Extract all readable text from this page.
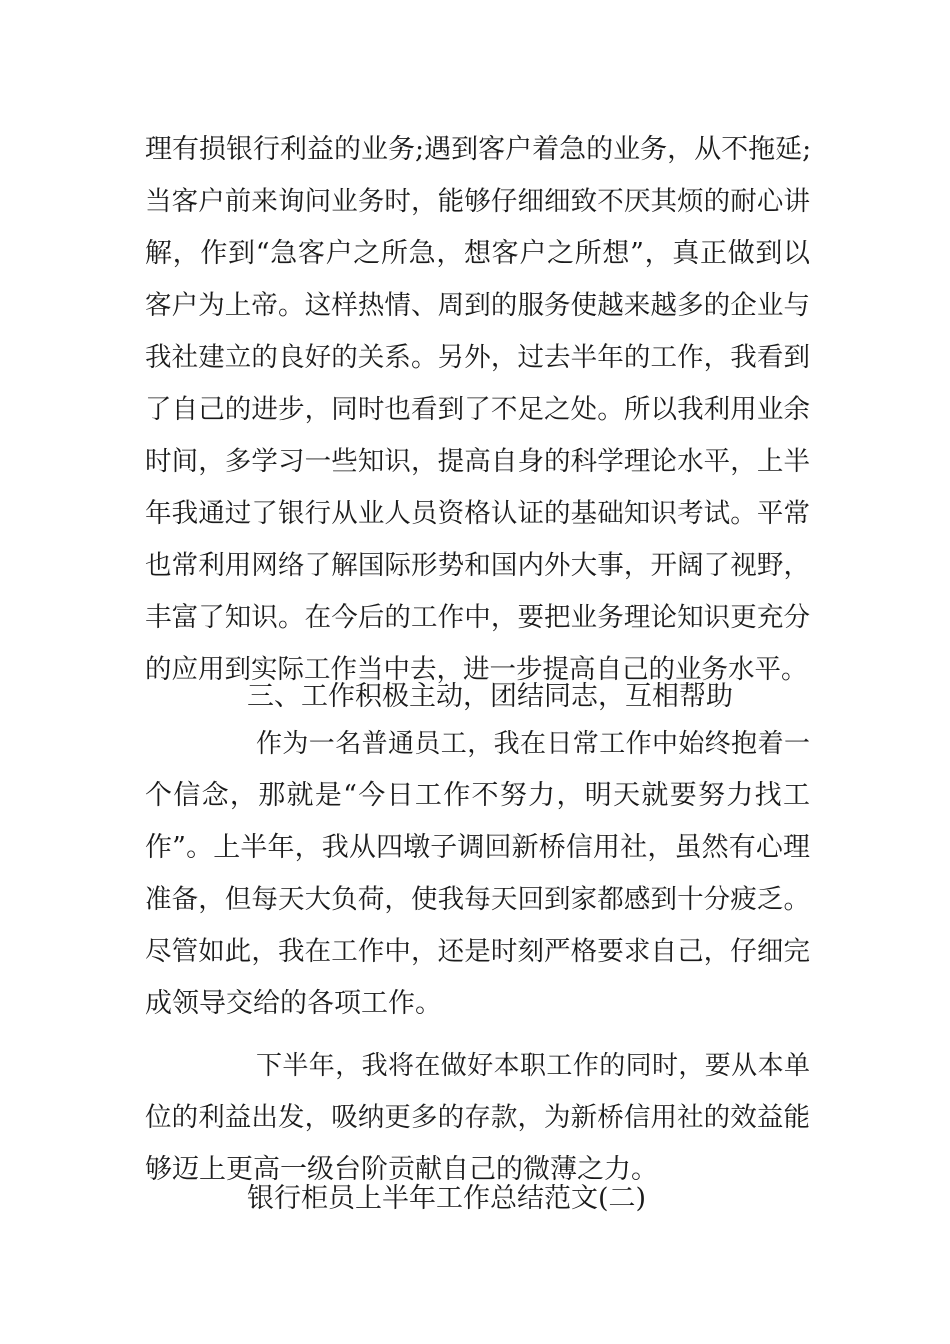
理有损银行利益的业务;遇到客户着急的业务，从不拖延;
当客户前来询问业务时，能够仔细细致不厌其烦的耐心讲
解，作到“急客户之所急，想客户之所想”，真正做到以
客户为上帝。这样热情、周到的服务使越来越多的企业与
我社建立的良好的关系。另外，过去半年的工作，我看到
了自己的进步，同时也看到了不足之处。所以我利用业余
时间，多学习一些知识，提高自身的科学理论水平，上半
年我通过了银行从业人员资格认证的基础知识考试。平常
也常利用网络了解国际形势和国内外大事，开阔了视野，
丰富了知识。在今后的工作中，要把业务理论知识更充分
的应用到实际工作当中去，进一步提高自己的业务水平。
三、工作积极主动，团结同志，互相帮助
作为一名普通员工，我在日常工作中始终抱着一
个信念，那就是“今日工作不努力，明天就要努力找工
作”。上半年，我从四墩子调回新桥信用社，虽然有心理
准备，但每天大负荷，使我每天回到家都感到十分疲乏。
尽管如此，我在工作中，还是时刻严格要求自己，仔细完
成领导交给的各项工作。
下半年，我将在做好本职工作的同时，要从本单
位的利益出发，吸纳更多的存款，为新桥信用社的效益能
够迈上更高一级台阶贡献自己的微薄之力。
银行柜员上半年工作总结范文(二)
